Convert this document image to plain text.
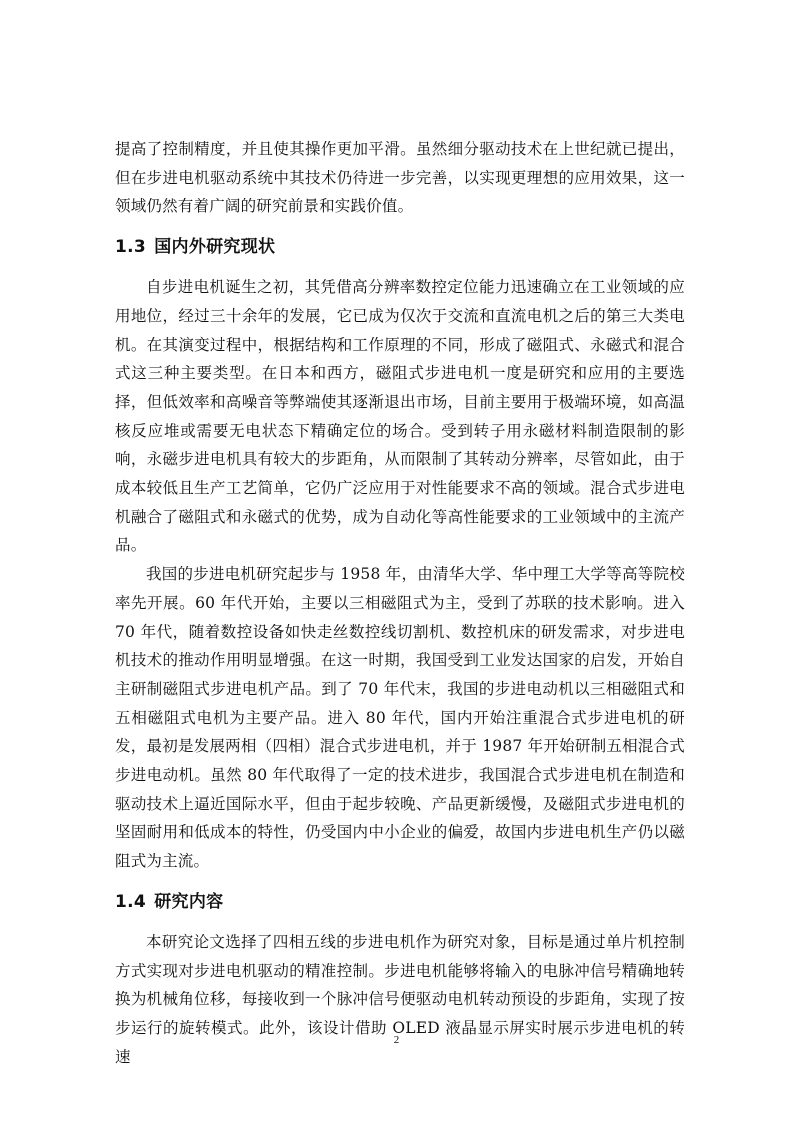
提高了控制精度，并且使其操作更加平滑。虽然细分驱动技术在上世纪就已提出，但在步进电机驱动系统中其技术仍待进一步完善，以实现更理想的应用效果，这一领域仍然有着广阔的研究前景和实践价值。

1.3 国内外研究现状

自步进电机诞生之初，其凭借高分辨率数控定位能力迅速确立在工业领域的应用地位，经过三十余年的发展，它已成为仅次于交流和直流电机之后的第三大类电机。在其演变过程中，根据结构和工作原理的不同，形成了磁阻式、永磁式和混合式这三种主要类型。在日本和西方，磁阻式步进电机一度是研究和应用的主要选择，但低效率和高噪音等弊端使其逐渐退出市场，目前主要用于极端环境，如高温核反应堆或需要无电状态下精确定位的场合。受到转子用永磁材料制造限制的影响，永磁步进电机具有较大的步距角，从而限制了其转动分辨率，尽管如此，由于成本较低且生产工艺简单，它仍广泛应用于对性能要求不高的领域。混合式步进电机融合了磁阻式和永磁式的优势，成为自动化等高性能要求的工业领域中的主流产品。

我国的步进电机研究起步与 1958 年，由清华大学、华中理工大学等高等院校率先开展。60 年代开始，主要以三相磁阻式为主，受到了苏联的技术影响。进入 70 年代，随着数控设备如快走丝数控线切割机、数控机床的研发需求，对步进电机技术的推动作用明显增强。在这一时期，我国受到工业发达国家的启发，开始自主研制磁阻式步进电机产品。到了 70 年代末，我国的步进电动机以三相磁阻式和五相磁阻式电机为主要产品。进入 80 年代，国内开始注重混合式步进电机的研发，最初是发展两相（四相）混合式步进电机，并于 1987 年开始研制五相混合式步进电动机。虽然 80 年代取得了一定的技术进步，我国混合式步进电机在制造和驱动技术上逼近国际水平，但由于起步较晚、产品更新缓慢，及磁阻式步进电机的坚固耐用和低成本的特性，仍受国内中小企业的偏爱，故国内步进电机生产仍以磁阻式为主流。

1.4 研究内容

本研究论文选择了四相五线的步进电机作为研究对象，目标是通过单片机控制方式实现对步进电机驱动的精准控制。步进电机能够将输入的电脉冲信号精确地转换为机械角位移，每接收到一个脉冲信号便驱动电机转动预设的步距角，实现了按步运行的旋转模式。此外，该设计借助 OLED 液晶显示屏实时展示步进电机的转速

2
